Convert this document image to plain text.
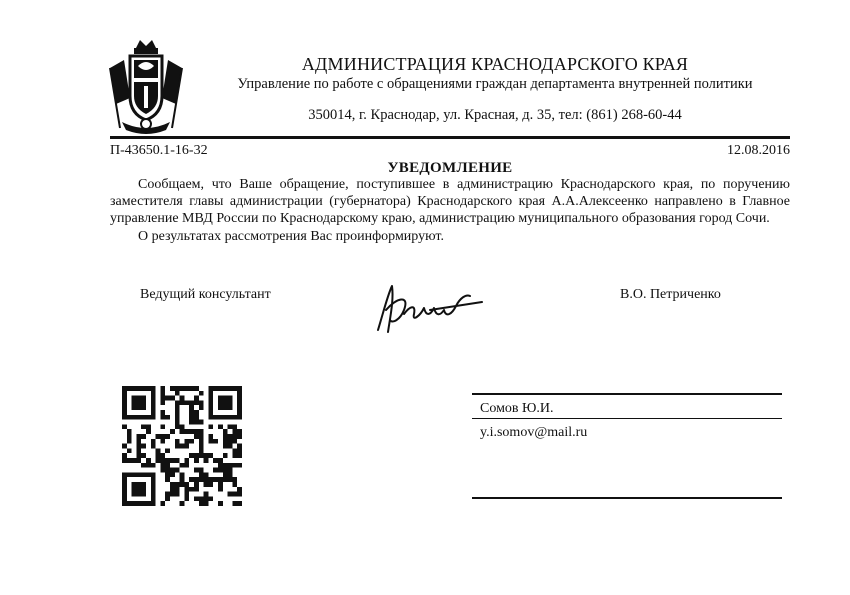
АДМИНИСТРАЦИЯ КРАСНОДАРСКОГО КРАЯ
Управление по работе с обращениями граждан департамента внутренней политики
350014, г. Краснодар, ул. Красная, д. 35, тел: (861) 268-60-44
П-43650.1-16-32	12.08.2016
УВЕДОМЛЕНИЕ

Сообщаем, что Ваше обращение, поступившее в администрацию Краснодарского края, по поручению заместителя главы администрации (губернатора) Краснодарского края А.А.Алексеенко направлено в Главное управление МВД России по Краснодарскому краю, администрацию муниципального образования город Сочи.

О результатах рассмотрения Вас проинформируют.

Ведущий консультант	В.О. Петриченко
Сомов Ю.И.
y.i.somov@mail.ru
